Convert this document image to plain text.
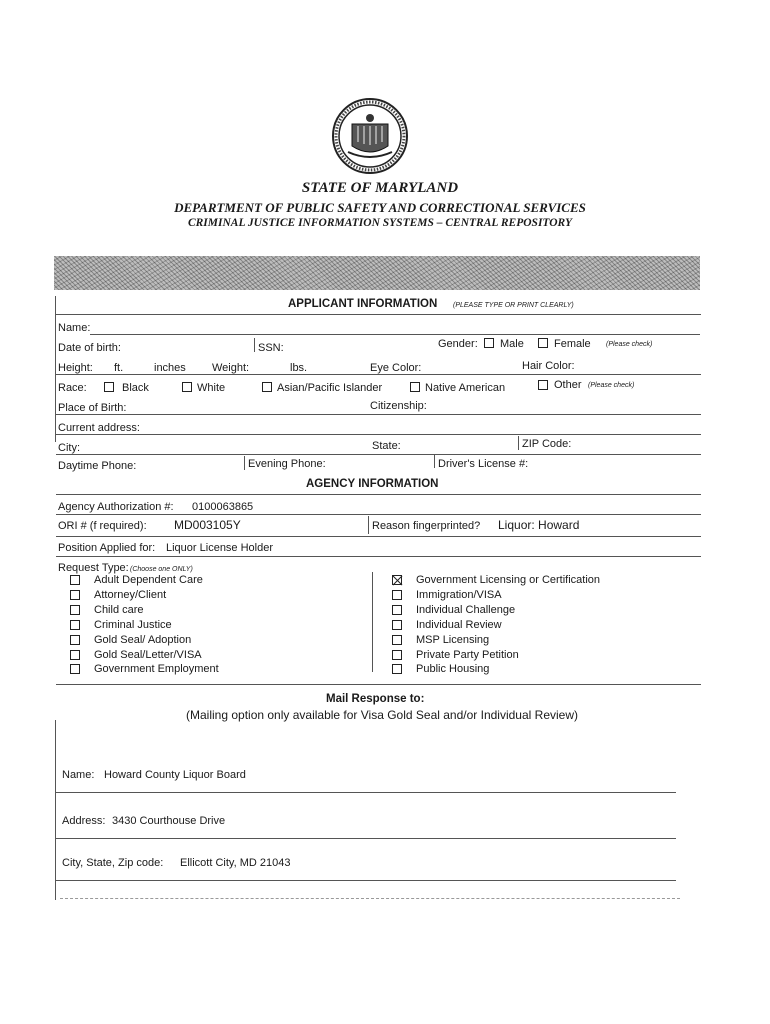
STATE OF MARYLAND
DEPARTMENT OF PUBLIC SAFETY AND CORRECTIONAL SERVICES
CRIMINAL JUSTICE INFORMATION SYSTEMS – CENTRAL REPOSITORY
APPLICANT INFORMATION (PLEASE TYPE OR PRINT CLEARLY)
Name:
Date of birth:	SSN:	Gender: Male	Female (Please check)
Height: ft.	inches Weight:	lbs.	Eye Color:	Hair Color:
Race:	Black	White	Asian/Pacific Islander	Native American	Other (Please check)
Place of Birth:	Citizenship:
Current address:
City:	State:	ZIP Code:
Daytime Phone:	Evening Phone:	Driver's License #:
AGENCY INFORMATION
Agency Authorization #: 0100063865
ORI # (f required): MD003105Y	Reason fingerprinted? Liquor: Howard
Position Applied for: Liquor License Holder
Request Type: (Choose one ONLY)
Adult Dependent Care
Attorney/Client
Child care
Criminal Justice
Gold Seal/ Adoption
Gold Seal/Letter/VISA
Government Employment
Government Licensing or Certification
Immigration/VISA
Individual Challenge
Individual Review
MSP Licensing
Private Party Petition
Public Housing
Mail Response to:
(Mailing option only available for Visa Gold Seal and/or Individual Review)
Name: Howard County Liquor Board
Address: 3430 Courthouse Drive
City, State, Zip code: Ellicott City, MD 21043
